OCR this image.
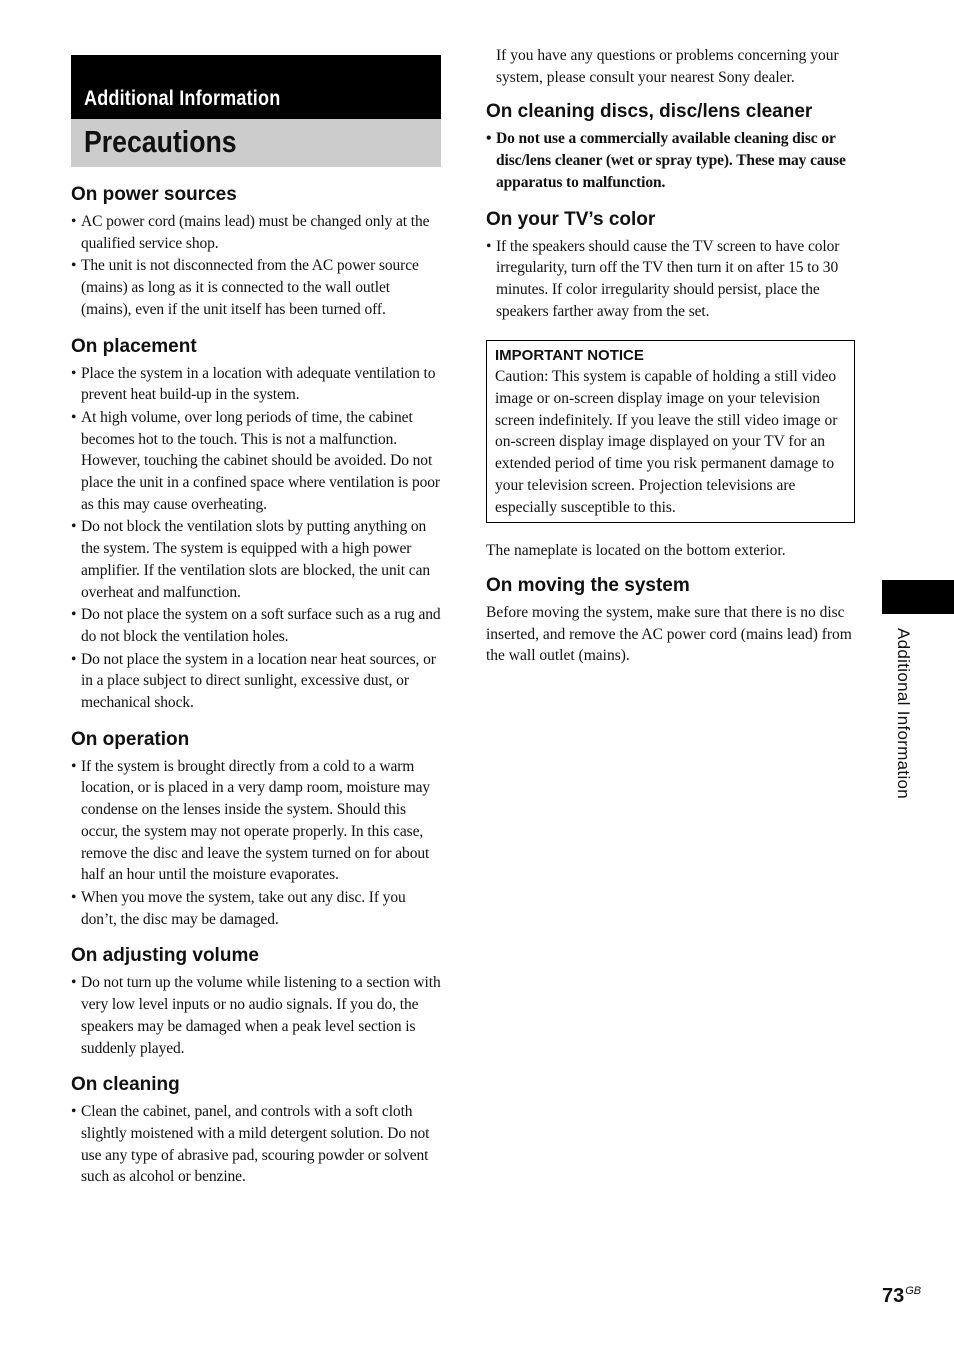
Additional Information
Precautions
On power sources
• AC power cord (mains lead) must be changed only at the qualified service shop.
• The unit is not disconnected from the AC power source (mains) as long as it is connected to the wall outlet (mains), even if the unit itself has been turned off.
On placement
• Place the system in a location with adequate ventilation to prevent heat build-up in the system.
• At high volume, over long periods of time, the cabinet becomes hot to the touch. This is not a malfunction. However, touching the cabinet should be avoided. Do not place the unit in a confined space where ventilation is poor as this may cause overheating.
• Do not block the ventilation slots by putting anything on the system. The system is equipped with a high power amplifier. If the ventilation slots are blocked, the unit can overheat and malfunction.
• Do not place the system on a soft surface such as a rug and do not block the ventilation holes.
• Do not place the system in a location near heat sources, or in a place subject to direct sunlight, excessive dust, or mechanical shock.
On operation
• If the system is brought directly from a cold to a warm location, or is placed in a very damp room, moisture may condense on the lenses inside the system. Should this occur, the system may not operate properly. In this case, remove the disc and leave the system turned on for about half an hour until the moisture evaporates.
• When you move the system, take out any disc. If you don’t, the disc may be damaged.
On adjusting volume
• Do not turn up the volume while listening to a section with very low level inputs or no audio signals. If you do, the speakers may be damaged when a peak level section is suddenly played.
On cleaning
• Clean the cabinet, panel, and controls with a soft cloth slightly moistened with a mild detergent solution. Do not use any type of abrasive pad, scouring powder or solvent such as alcohol or benzine.

If you have any questions or problems concerning your system, please consult your nearest Sony dealer.

On cleaning discs, disc/lens cleaner
• Do not use a commercially available cleaning disc or disc/lens cleaner (wet or spray type). These may cause apparatus to malfunction.
On your TV’s color
• If the speakers should cause the TV screen to have color irregularity, turn off the TV then turn it on after 15 to 30 minutes. If color irregularity should persist, place the speakers farther away from the set.
IMPORTANT NOTICE
Caution: This system is capable of holding a still video image or on-screen display image on your television screen indefinitely. If you leave the still video image or on-screen display image displayed on your TV for an extended period of time you risk permanent damage to your television screen. Projection televisions are especially susceptible to this.

The nameplate is located on the bottom exterior.

On moving the system

Before moving the system, make sure that there is no disc inserted, and remove the AC power cord (mains lead) from the wall outlet (mains).	Additional Information
$73^{GB}$
